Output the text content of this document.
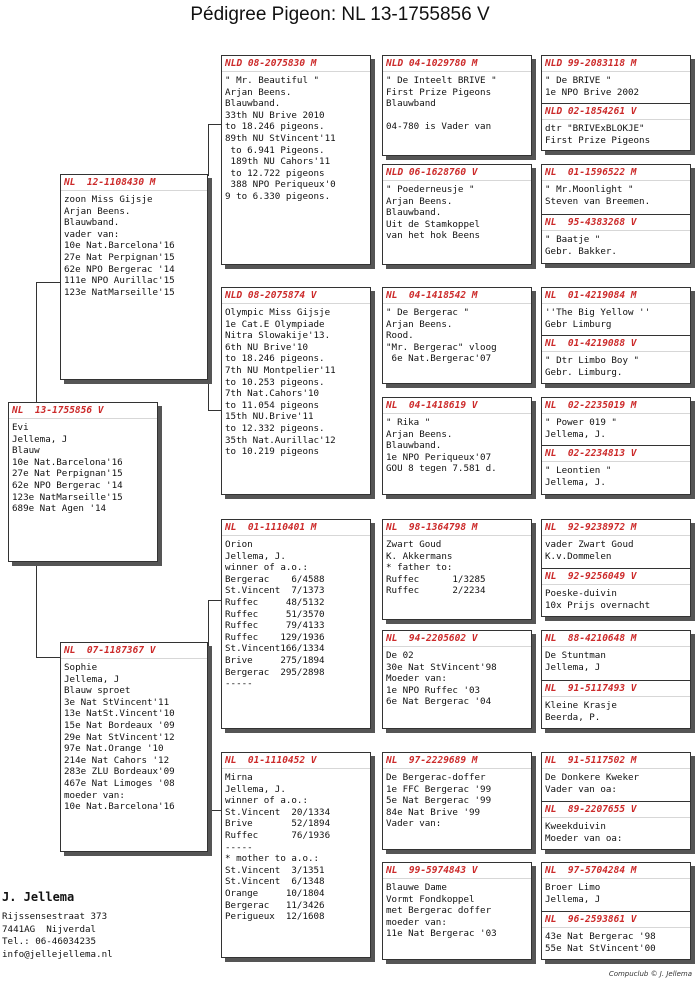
Pédigree Pigeon: NL 13-1755856 V
NL  13-1755856 V
Evi
Jellema, J
Blauw
10e Nat.Barcelona'16
27e Nat Perpignan'15
62e NPO Bergerac '14
123e NatMarseille'15
689e Nat Agen '14
NL  12-1108430 M
zoon Miss Gijsje
Arjan Beens.
Blauwband.
vader van:
10e Nat.Barcelona'16
27e Nat Perpignan'15
62e NPO Bergerac '14
111e NPO Aurillac'15
123e NatMarseille'15
NL  07-1187367 V
Sophie
Jellema, J
Blauw sproet
3e Nat StVincent'11
13e NatSt.Vincent'10
15e Nat Bordeaux '09
29e Nat StVincent'12
97e Nat.Orange '10
214e Nat Cahors '12
283e ZLU Bordeaux'09
467e Nat Limoges '08
moeder van:
10e Nat.Barcelona'16
NLD 08-2075830 M
" Mr. Beautiful "
Arjan Beens.
Blauwband.
33th NU Brive 2010
to 18.246 pigeons.
89th NU StVincent'11
to 6.941 Pigeons.
189th NU Cahors'11
to 12.722 pigeons
388 NPO Periqueux'0
9 to 6.330 pigeons.
NLD 08-2075874 V
Olympic Miss Gijsje
1e Cat.E Olympiade
Nitra Slowakije'13.
6th NU Brive'10
to 18.246 pigeons.
7th NU Montpelier'11
to 10.253 pigeons.
7th Nat.Cahors'10
to 11.054 pigeons
15th NU.Brive'11
to 12.332 pigeons.
35th Nat.Aurillac'12
to 10.219 pigeons
NL  01-1110401 M
Orion
Jellema, J.
winner of a.o.:
Bergerac    6/4588
St.Vincent  7/1373
Ruffec     48/5132
Ruffec     51/3570
Ruffec     79/4133
Ruffec    129/1936
St.Vincent166/1334
Brive     275/1894
Bergerac  295/2898
-----
NL  01-1110452 V
Mirna
Jellema, J.
winner of a.o.:
St.Vincent  20/1334
Brive       52/1894
Ruffec      76/1936
-----
* mother to a.o.:
St.Vincent  3/1351
St.Vincent  6/1348
Orange     10/1804
Bergerac   11/3426
Perigueux  12/1608
NLD 04-1029780 M
" De Inteelt BRIVE "
First Prize Pigeons
Blauwband

04-780 is Vader van
NLD 06-1628760 V
" Poederneusje "
Arjan Beens.
Blauwband.
Uit de Stamkoppel
van het hok Beens
NL  04-1418542 M
" De Bergerac "
Arjan Beens.
Rood.
"Mr. Bergerac" vloog
6e Nat.Bergerac'07
NL  04-1418619 V
" Rika "
Arjan Beens.
Blauwband.
1e NPO Periqueux'07
GOU 8 tegen 7.581 d.
NL  98-1364798 M
Zwart Goud
K. Akkermans
* father to:
Ruffec      1/3285
Ruffec      2/2234
NL  94-2205602 V
De 02
30e Nat StVincent'98
Moeder van:
1e NPO Ruffec '03
6e Nat Bergerac '04
NL  97-2229689 M
De Bergerac-doffer
1e FFC Bergerac '99
5e Nat Bergerac '99
84e Nat Brive '99
Vader van:
NL  99-5974843 V
Blauwe Dame
Vormt Fondkoppel
met Bergerac doffer
moeder van:
11e Nat Bergerac '03
NLD 99-2083118 M
" De BRIVE "
1e NPO Brive 2002
NLD 02-1854261 V
dtr "BRIVExBLOKJE"
First Prize Pigeons
NL  01-1596522 M
" Mr.Moonlight "
Steven van Breemen.
NL  95-4383268 V
" Baatje "
Gebr. Bakker.
NL  01-4219084 M
''The Big Yellow ''
Gebr Limburg
NL  01-4219088 V
" Dtr Limbo Boy "
Gebr. Limburg.
NL  02-2235019 M
" Power 019 "
Jellema, J.
NL  02-2234813 V
" Leontien "
Jellema, J.
NL  92-9238972 M
vader Zwart Goud
K.v.Dommelen
NL  92-9256049 V
Poeske-duivin
10x Prijs overnacht
NL  88-4210648 M
De Stuntman
Jellema, J
NL  91-5117493 V
Kleine Krasje
Beerda, P.
NL  91-5117502 M
De Donkere Kweker
Vader van oa:
NL  89-2207655 V
Kweekduivin
Moeder van oa:
NL  97-5704284 M
Broer Limo
Jellema, J
NL  96-2593861 V
43e Nat Bergerac '98
55e Nat StVincent'00
J. Jellema
Rijssensestraat 373
7441AG  Nijverdal
Tel.: 06-46034235
info@jellejellema.nl
Compuclub © J. Jellema
